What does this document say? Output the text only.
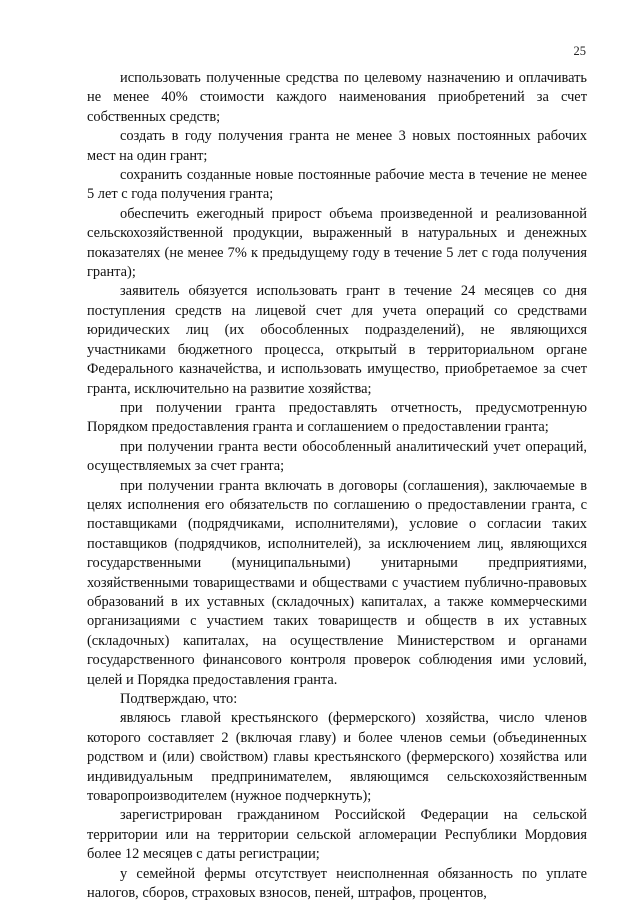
25

использовать полученные средства по целевому назначению и оплачивать не менее 40% стоимости каждого наименования приобретений за счет собственных средств;

создать в году получения гранта не менее 3 новых постоянных рабочих мест на один грант;

сохранить созданные новые постоянные рабочие места в течение не менее 5 лет с года получения гранта;

обеспечить ежегодный прирост объема произведенной и реализованной сельскохозяйственной продукции, выраженный в натуральных и денежных показателях (не менее 7% к предыдущему году в течение 5 лет с года получения гранта);

заявитель обязуется использовать грант в течение 24 месяцев со дня поступления средств на лицевой счет для учета операций со средствами юридических лиц (их обособленных подразделений), не являющихся участниками бюджетного процесса, открытый в территориальном органе Федерального казначейства, и использовать имущество, приобретаемое за счет гранта, исключительно на развитие хозяйства;

при получении гранта предоставлять отчетность, предусмотренную Порядком предоставления гранта и соглашением о предоставлении гранта;

при получении гранта вести обособленный аналитический учет операций, осуществляемых за счет гранта;

при получении гранта включать в договоры (соглашения), заключаемые в целях исполнения его обязательств по соглашению о предоставлении гранта, с поставщиками (подрядчиками, исполнителями), условие о согласии таких поставщиков (подрядчиков, исполнителей), за исключением лиц, являющихся государственными (муниципальными) унитарными предприятиями, хозяйственными товариществами и обществами с участием публично-правовых образований в их уставных (складочных) капиталах, а также коммерческими организациями с участием таких товариществ и обществ в их уставных (складочных) капиталах, на осуществление Министерством и органами государственного финансового контроля проверок соблюдения ими условий, целей и Порядка предоставления гранта.

Подтверждаю, что:

являюсь главой крестьянского (фермерского) хозяйства, число членов которого составляет 2 (включая главу) и более членов семьи (объединенных родством и (или) свойством) главы крестьянского (фермерского) хозяйства или индивидуальным предпринимателем, являющимся сельскохозяйственным товаропроизводителем (нужное подчеркнуть);

зарегистрирован гражданином Российской Федерации на сельской территории или на территории сельской агломерации Республики Мордовия более 12 месяцев с даты регистрации;

у семейной фермы отсутствует неисполненная обязанность по уплате налогов, сборов, страховых взносов, пеней, штрафов, процентов,
